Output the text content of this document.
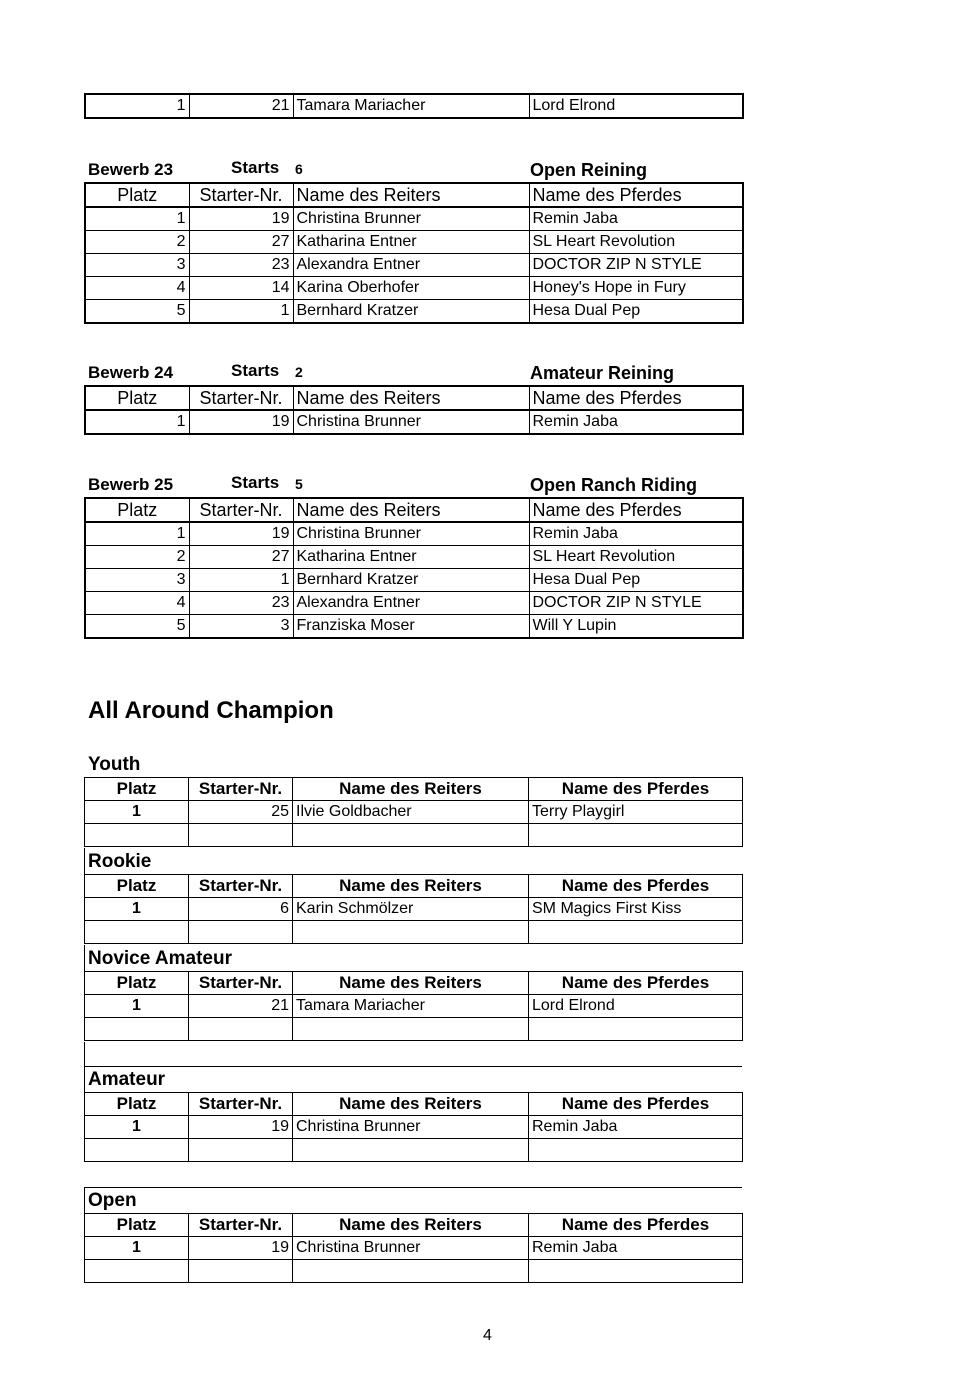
1	21	Tamara Mariacher	Lord Elrond
Bewerb 23	Starts 6	Open Reining
Platz	Starter-Nr.	Name des Reiters	Name des Pferdes
1	19	Christina Brunner	Remin Jaba
2	27	Katharina Entner	SL Heart Revolution
3	23	Alexandra Entner	DOCTOR ZIP N STYLE
4	14	Karina Oberhofer	Honey's Hope in Fury
5	1	Bernhard Kratzer	Hesa Dual Pep
Bewerb 24	Starts 2	Amateur Reining
Platz	Starter-Nr.	Name des Reiters	Name des Pferdes
1	19	Christina Brunner	Remin Jaba
Bewerb 25	Starts 5	Open Ranch Riding
Platz	Starter-Nr.	Name des Reiters	Name des Pferdes
1	19	Christina Brunner	Remin Jaba
2	27	Katharina Entner	SL Heart Revolution
3	1	Bernhard Kratzer	Hesa Dual Pep
4	23	Alexandra Entner	DOCTOR ZIP N STYLE
5	3	Franziska Moser	Will Y Lupin
All Around Champion
Youth
Platz	Starter-Nr.	Name des Reiters	Name des Pferdes
1	25	Ilvie Goldbacher	Terry Playgirl

Rookie
Platz	Starter-Nr.	Name des Reiters	Name des Pferdes
1	6	Karin Schmölzer	SM Magics First Kiss

Novice Amateur
Platz	Starter-Nr.	Name des Reiters	Name des Pferdes
1	21	Tamara Mariacher	Lord Elrond

Amateur
Platz	Starter-Nr.	Name des Reiters	Name des Pferdes
1	19	Christina Brunner	Remin Jaba

Open
Platz	Starter-Nr.	Name des Reiters	Name des Pferdes
1	19	Christina Brunner	Remin Jaba

4
